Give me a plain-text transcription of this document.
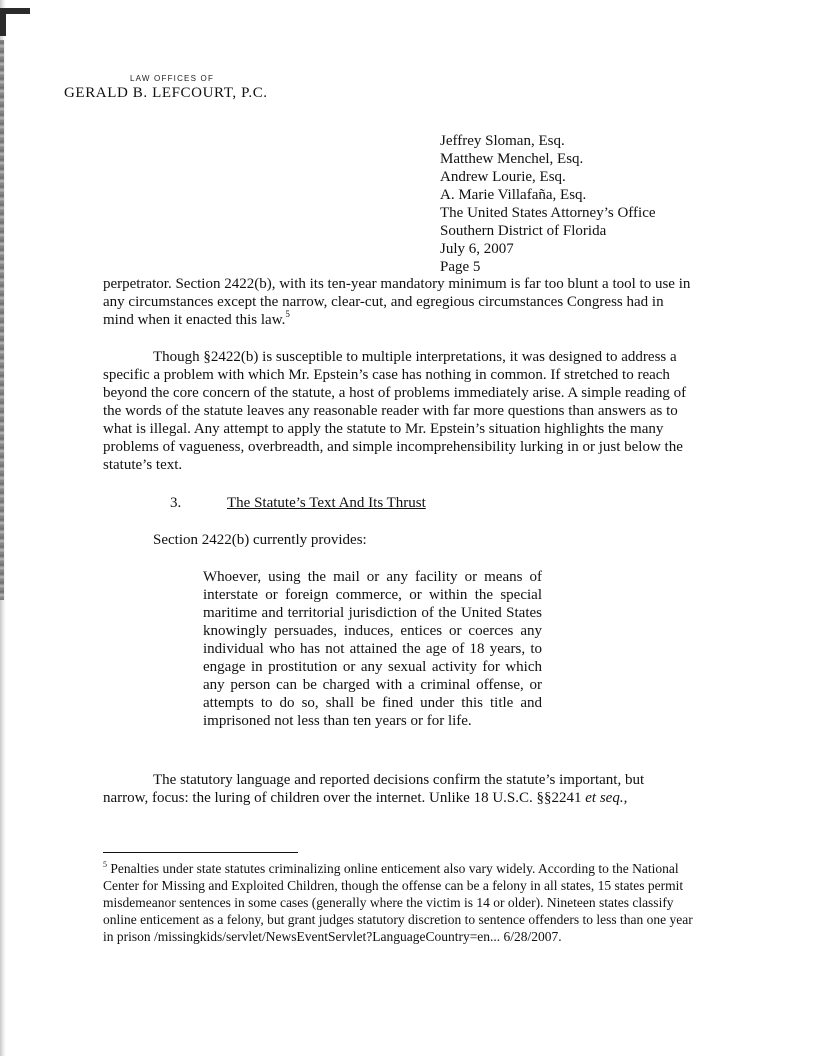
LAW OFFICES OF
GERALD B. LEFCOURT, P.C.
Jeffrey Sloman, Esq.
Matthew Menchel, Esq.
Andrew Lourie, Esq.
A. Marie Villafaña, Esq.
The United States Attorney’s Office
Southern District of Florida
July 6, 2007
Page 5

perpetrator. Section 2422(b), with its ten-year mandatory minimum is far too blunt a tool to use in any circumstances except the narrow, clear-cut, and egregious circumstances Congress had in mind when it enacted this law.$^5$

Though §2422(b) is susceptible to multiple interpretations, it was designed to address a specific a problem with which Mr. Epstein’s case has nothing in common. If stretched to reach beyond the core concern of the statute, a host of problems immediately arise. A simple reading of the words of the statute leaves any reasonable reader with far more questions than answers as to what is illegal. Any attempt to apply the statute to Mr. Epstein’s situation highlights the many problems of vagueness, overbreadth, and simple incomprehensibility lurking in or just below the statute’s text.

3.	The Statute’s Text And Its Thrust
Section 2422(b) currently provides:

Whoever, using the mail or any facility or means of interstate or foreign commerce, or within the special maritime and territorial jurisdiction of the United States knowingly persuades, induces, entices or coerces any individual who has not attained the age of 18 years, to engage in prostitution or any sexual activity for which any person can be charged with a criminal offense, or attempts to do so, shall be fined under this title and imprisoned not less than ten years or for life.

The statutory language and reported decisions confirm the statute’s important, but narrow, focus: the luring of children over the internet. Unlike 18 U.S.C. §§2241 et seq.,

$^5$ Penalties under state statutes criminalizing online enticement also vary widely. According to the National Center for Missing and Exploited Children, though the offense can be a felony in all states, 15 states permit misdemeanor sentences in some cases (generally where the victim is 14 or older). Nineteen states classify online enticement as a felony, but grant judges statutory discretion to sentence offenders to less than one year in prison /missingkids/servlet/NewsEventServlet?LanguageCountry=en... 6/28/2007.
